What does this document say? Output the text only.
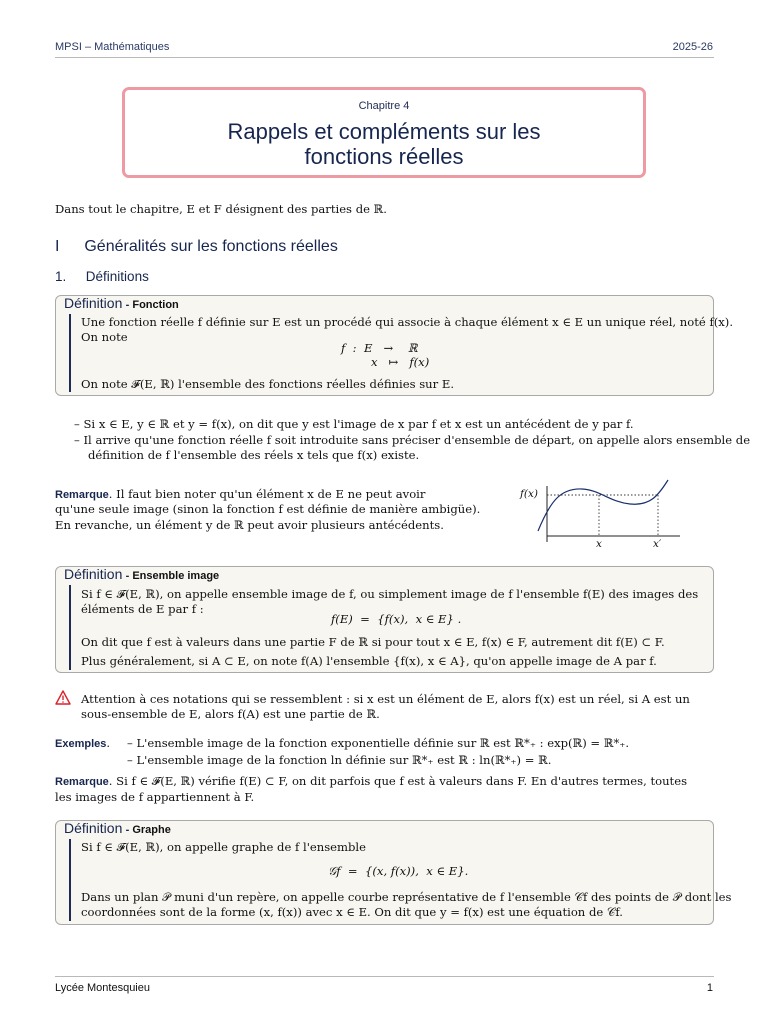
MPSI – Mathématiques	2025-26
Chapitre 4
Rappels et compléments sur les
fonctions réelles
Dans tout le chapitre, E et F désignent des parties de ℝ.
I Généralités sur les fonctions réelles
1. Définitions
Définition - Fonction
Une fonction réelle f définie sur E est un procédé qui associe à chaque élément x ∈ E un unique réel, noté f(x).
On note
f  :  E   →    ℝ
x   ↦   f(x)
On note 𝓕(E, ℝ) l'ensemble des fonctions réelles définies sur E.
– Si x ∈ E, y ∈ ℝ et y = f(x), on dit que y est l'image de x par f et x est un antécédent de y par f.
– Il arrive qu'une fonction réelle f soit introduite sans préciser d'ensemble de départ, on appelle alors ensemble de
définition de f l'ensemble des réels x tels que f(x) existe.
Remarque. Il faut bien noter qu'un élément x de E ne peut avoir
qu'une seule image (sinon la fonction f est définie de manière ambigüe).
En revanche, un élément y de ℝ peut avoir plusieurs antécédents.
f(x)
x	x′
Définition - Ensemble image
Si f ∈ 𝓕(E, ℝ), on appelle ensemble image de f, ou simplement image de f l'ensemble f(E) des images des
éléments de E par f :
f(E)  =  {f(x),  x ∈ E} .
On dit que f est à valeurs dans une partie F de ℝ si pour tout x ∈ E, f(x) ∈ F, autrement dit f(E) ⊂ F.
Plus généralement, si A ⊂ E, on note f(A) l'ensemble {f(x), x ∈ A}, qu'on appelle image de A par f.
Attention à ces notations qui se ressemblent : si x est un élément de E, alors f(x) est un réel, si A est un
sous-ensemble de E, alors f(A) est une partie de ℝ.
Exemples. – L'ensemble image de la fonction exponentielle définie sur ℝ est ℝ*₊ : exp(ℝ) = ℝ*₊.
– L'ensemble image de la fonction ln définie sur ℝ*₊ est ℝ : ln(ℝ*₊) = ℝ.
Remarque. Si f ∈ 𝓕(E, ℝ) vérifie f(E) ⊂ F, on dit parfois que f est à valeurs dans F. En d'autres termes, toutes
les images de f appartiennent à F.
Définition - Graphe
Si f ∈ 𝓕(E, ℝ), on appelle graphe de f l'ensemble
𝒢f  =  {(x, f(x)),  x ∈ E}.
Dans un plan 𝒫 muni d'un repère, on appelle courbe représentative de f l'ensemble 𝒞f des points de 𝒫 dont les
coordonnées sont de la forme (x, f(x)) avec x ∈ E. On dit que y = f(x) est une équation de 𝒞f.
Lycée Montesquieu	1
